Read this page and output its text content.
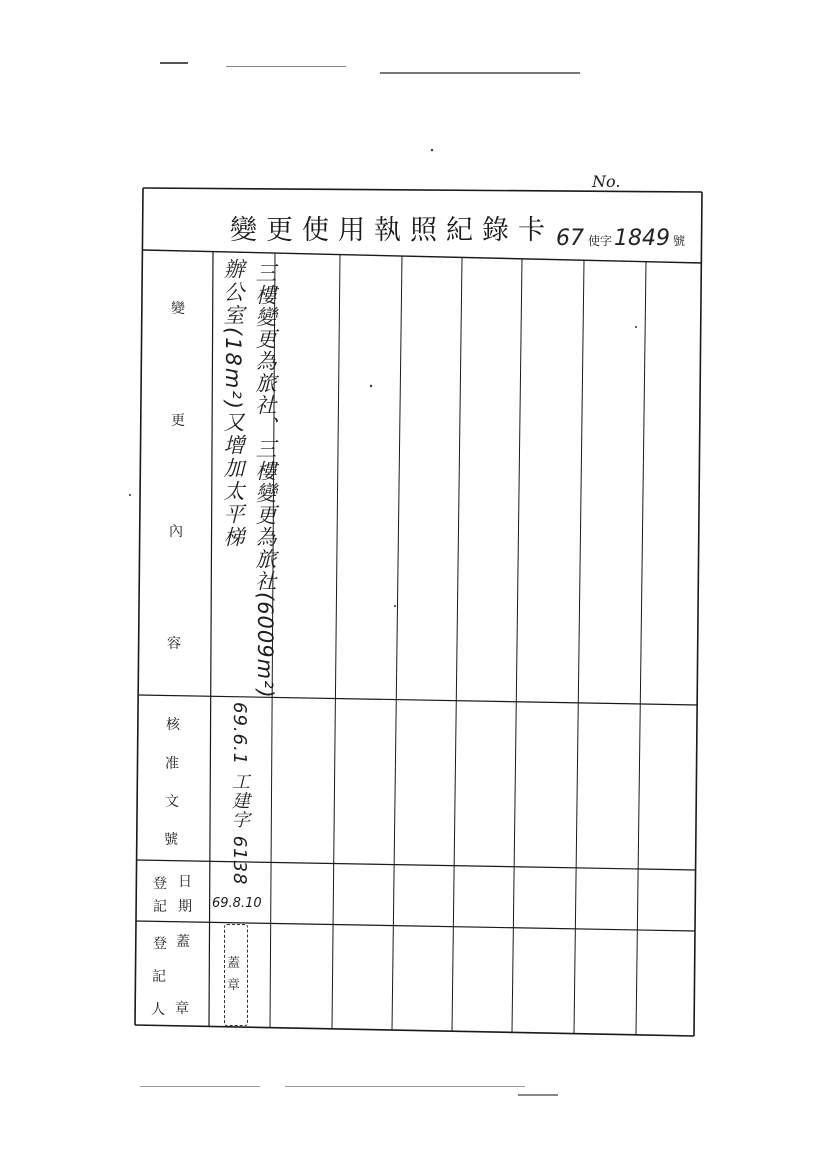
No.
變更使用執照紀錄卡 67 使字1849 號
變
更
內
容
核
准
文
號
登
記
日
期
登
記
人
蓋
章
三樓變更為旅社、三樓變更為旅社(6009m²)
辦公室(18m²)又增加太平梯
69.6.1 工建字 6138
69.8.10
蓋章
